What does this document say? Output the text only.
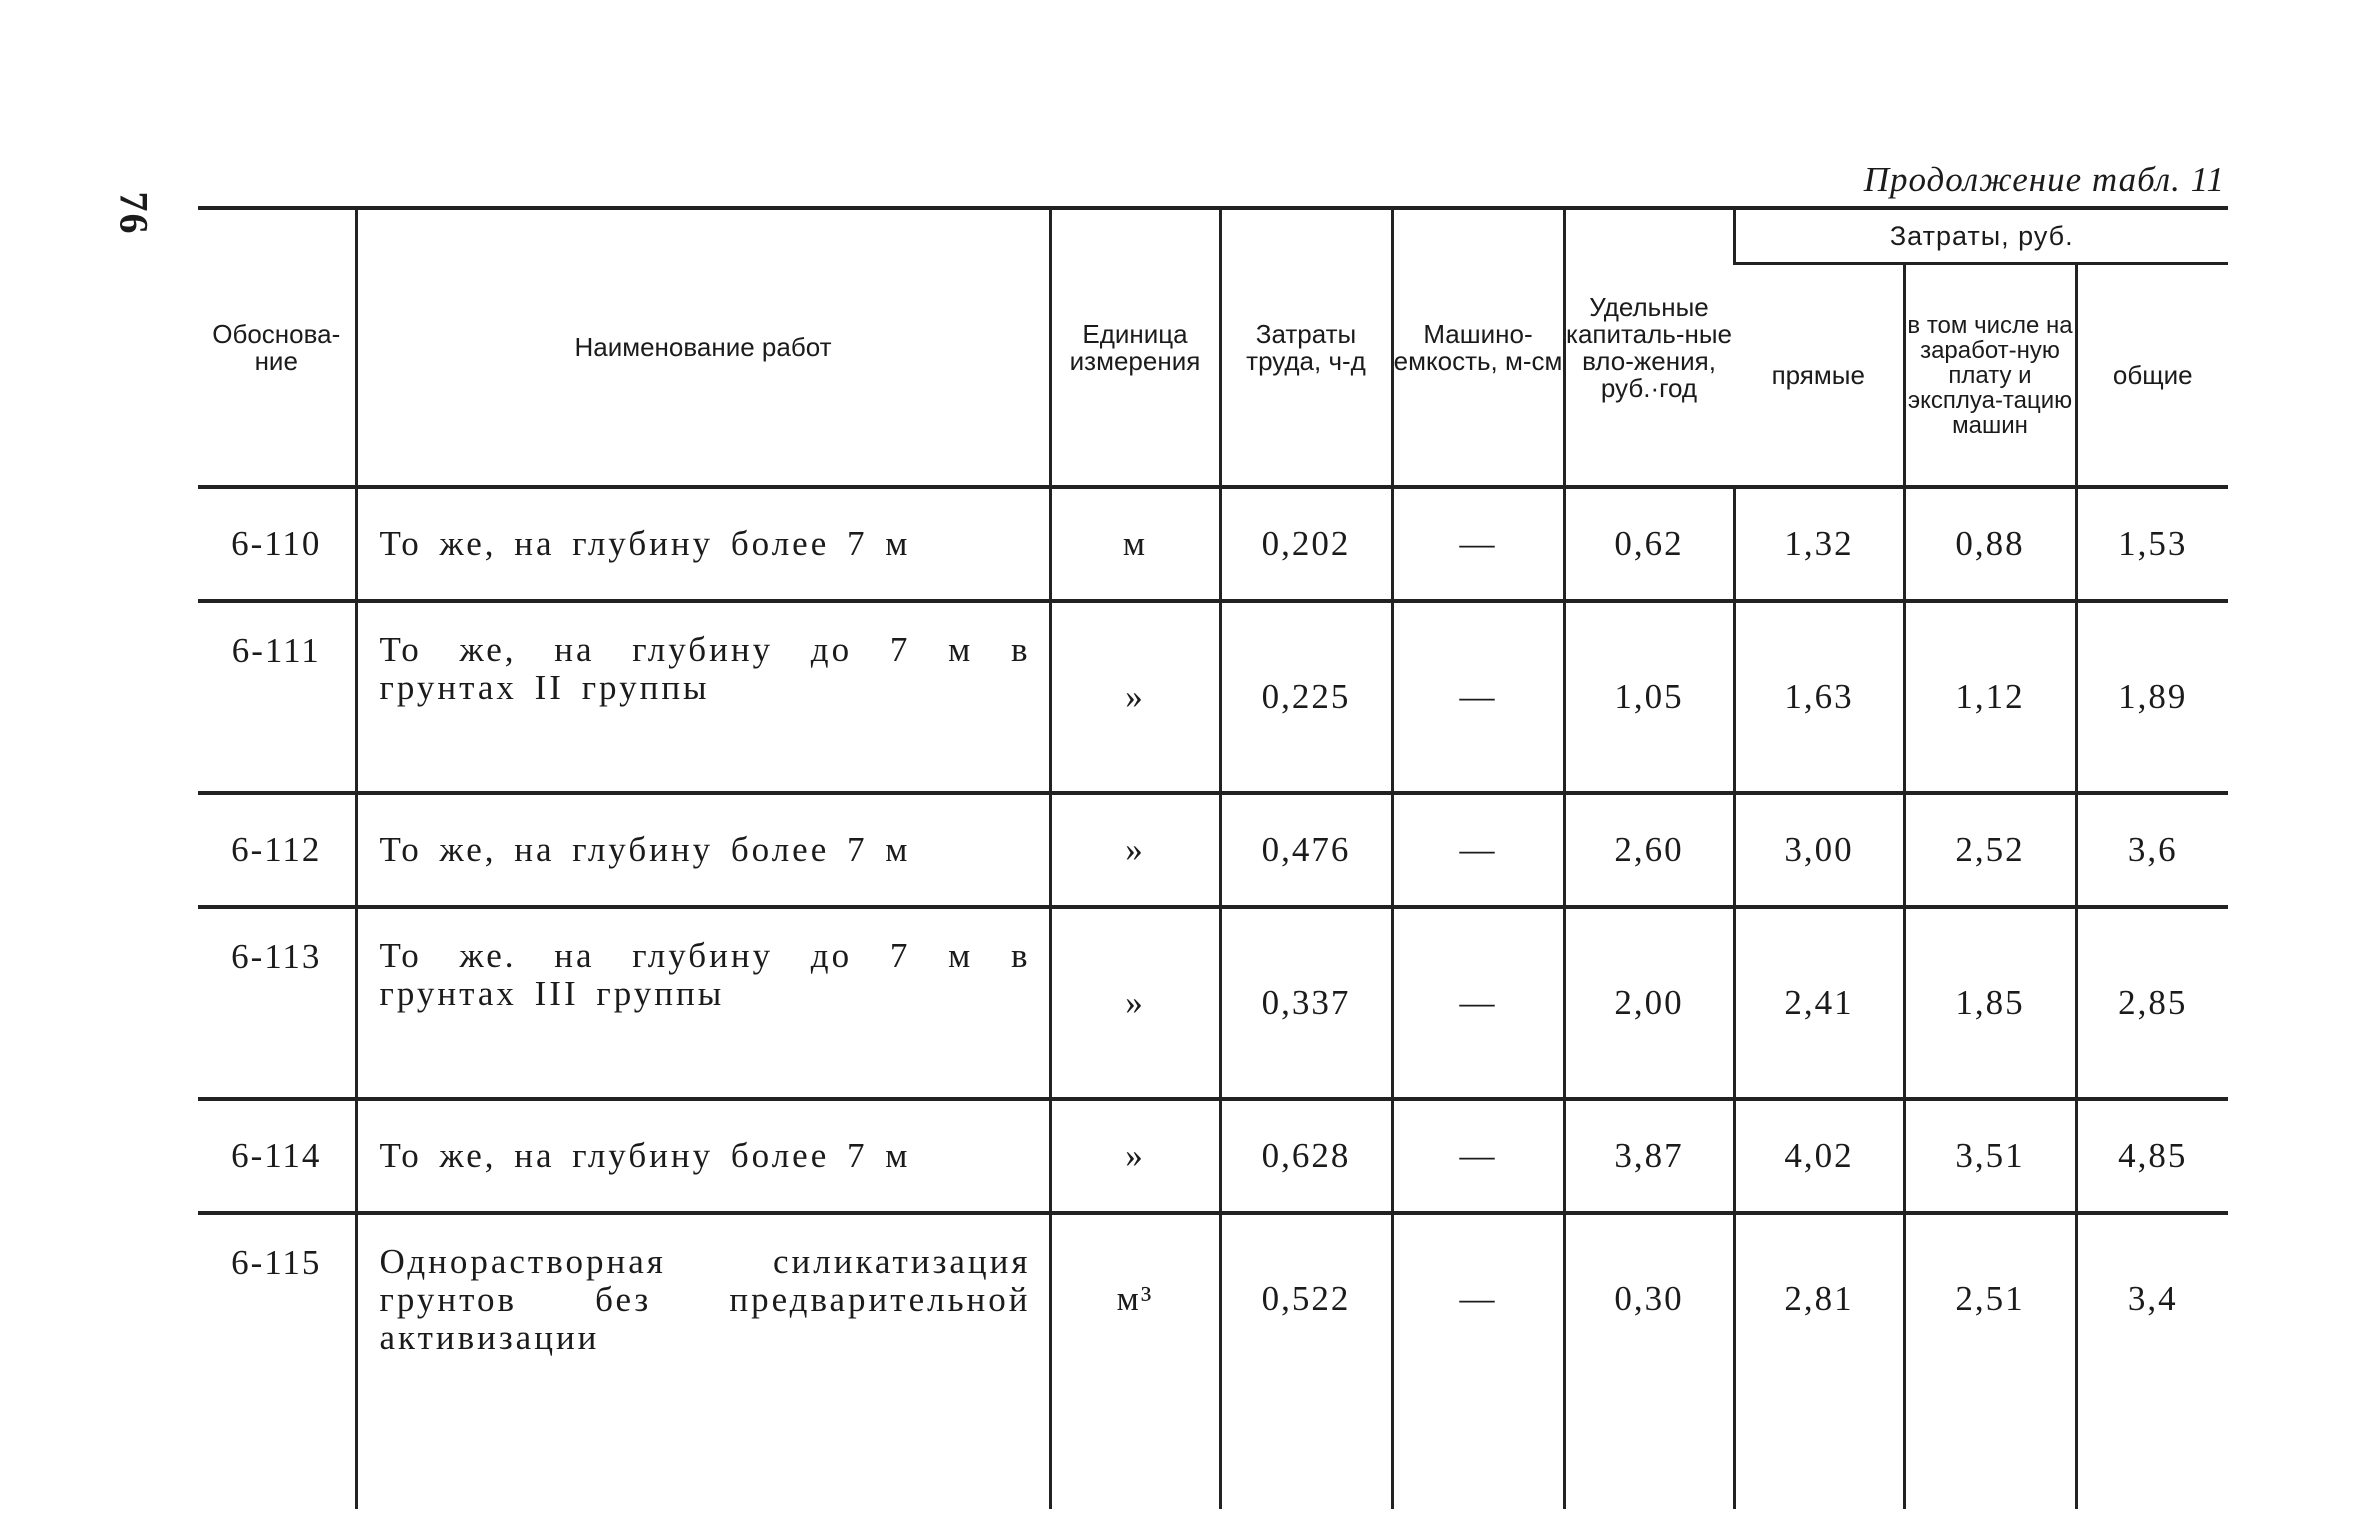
76
Продолжение табл. 11
Обоснова-ние	Наименование работ	Единица измерения	Затраты труда, ч-д	Машино-емкость, м-см	Удельные капиталь-ные вло-жения, руб.·год	Затраты, руб.		
						прямые	в том числе на заработ-ную плату и эксплуа-тацию машин	общие
6-110	То же, на глубину более 7 м	м	0,202	—	0,62	1,32	0,88	1,53
6-111	То же, на глубину до 7 м в грунтах II группы	»	0,225	—	1,05	1,63	1,12	1,89
6-112	То же, на глубину более 7 м	»	0,476	—	2,60	3,00	2,52	3,6
6-113	То же. на глубину до 7 м в грунтах III группы	»	0,337	—	2,00	2,41	1,85	2,85
6-114	То же, на глубину более 7 м	»	0,628	—	3,87	4,02	3,51	4,85
6-115	Однорастворная силикатизация грунтов без предварительной активизации	м³	0,522	—	0,30	2,81	2,51	3,4
